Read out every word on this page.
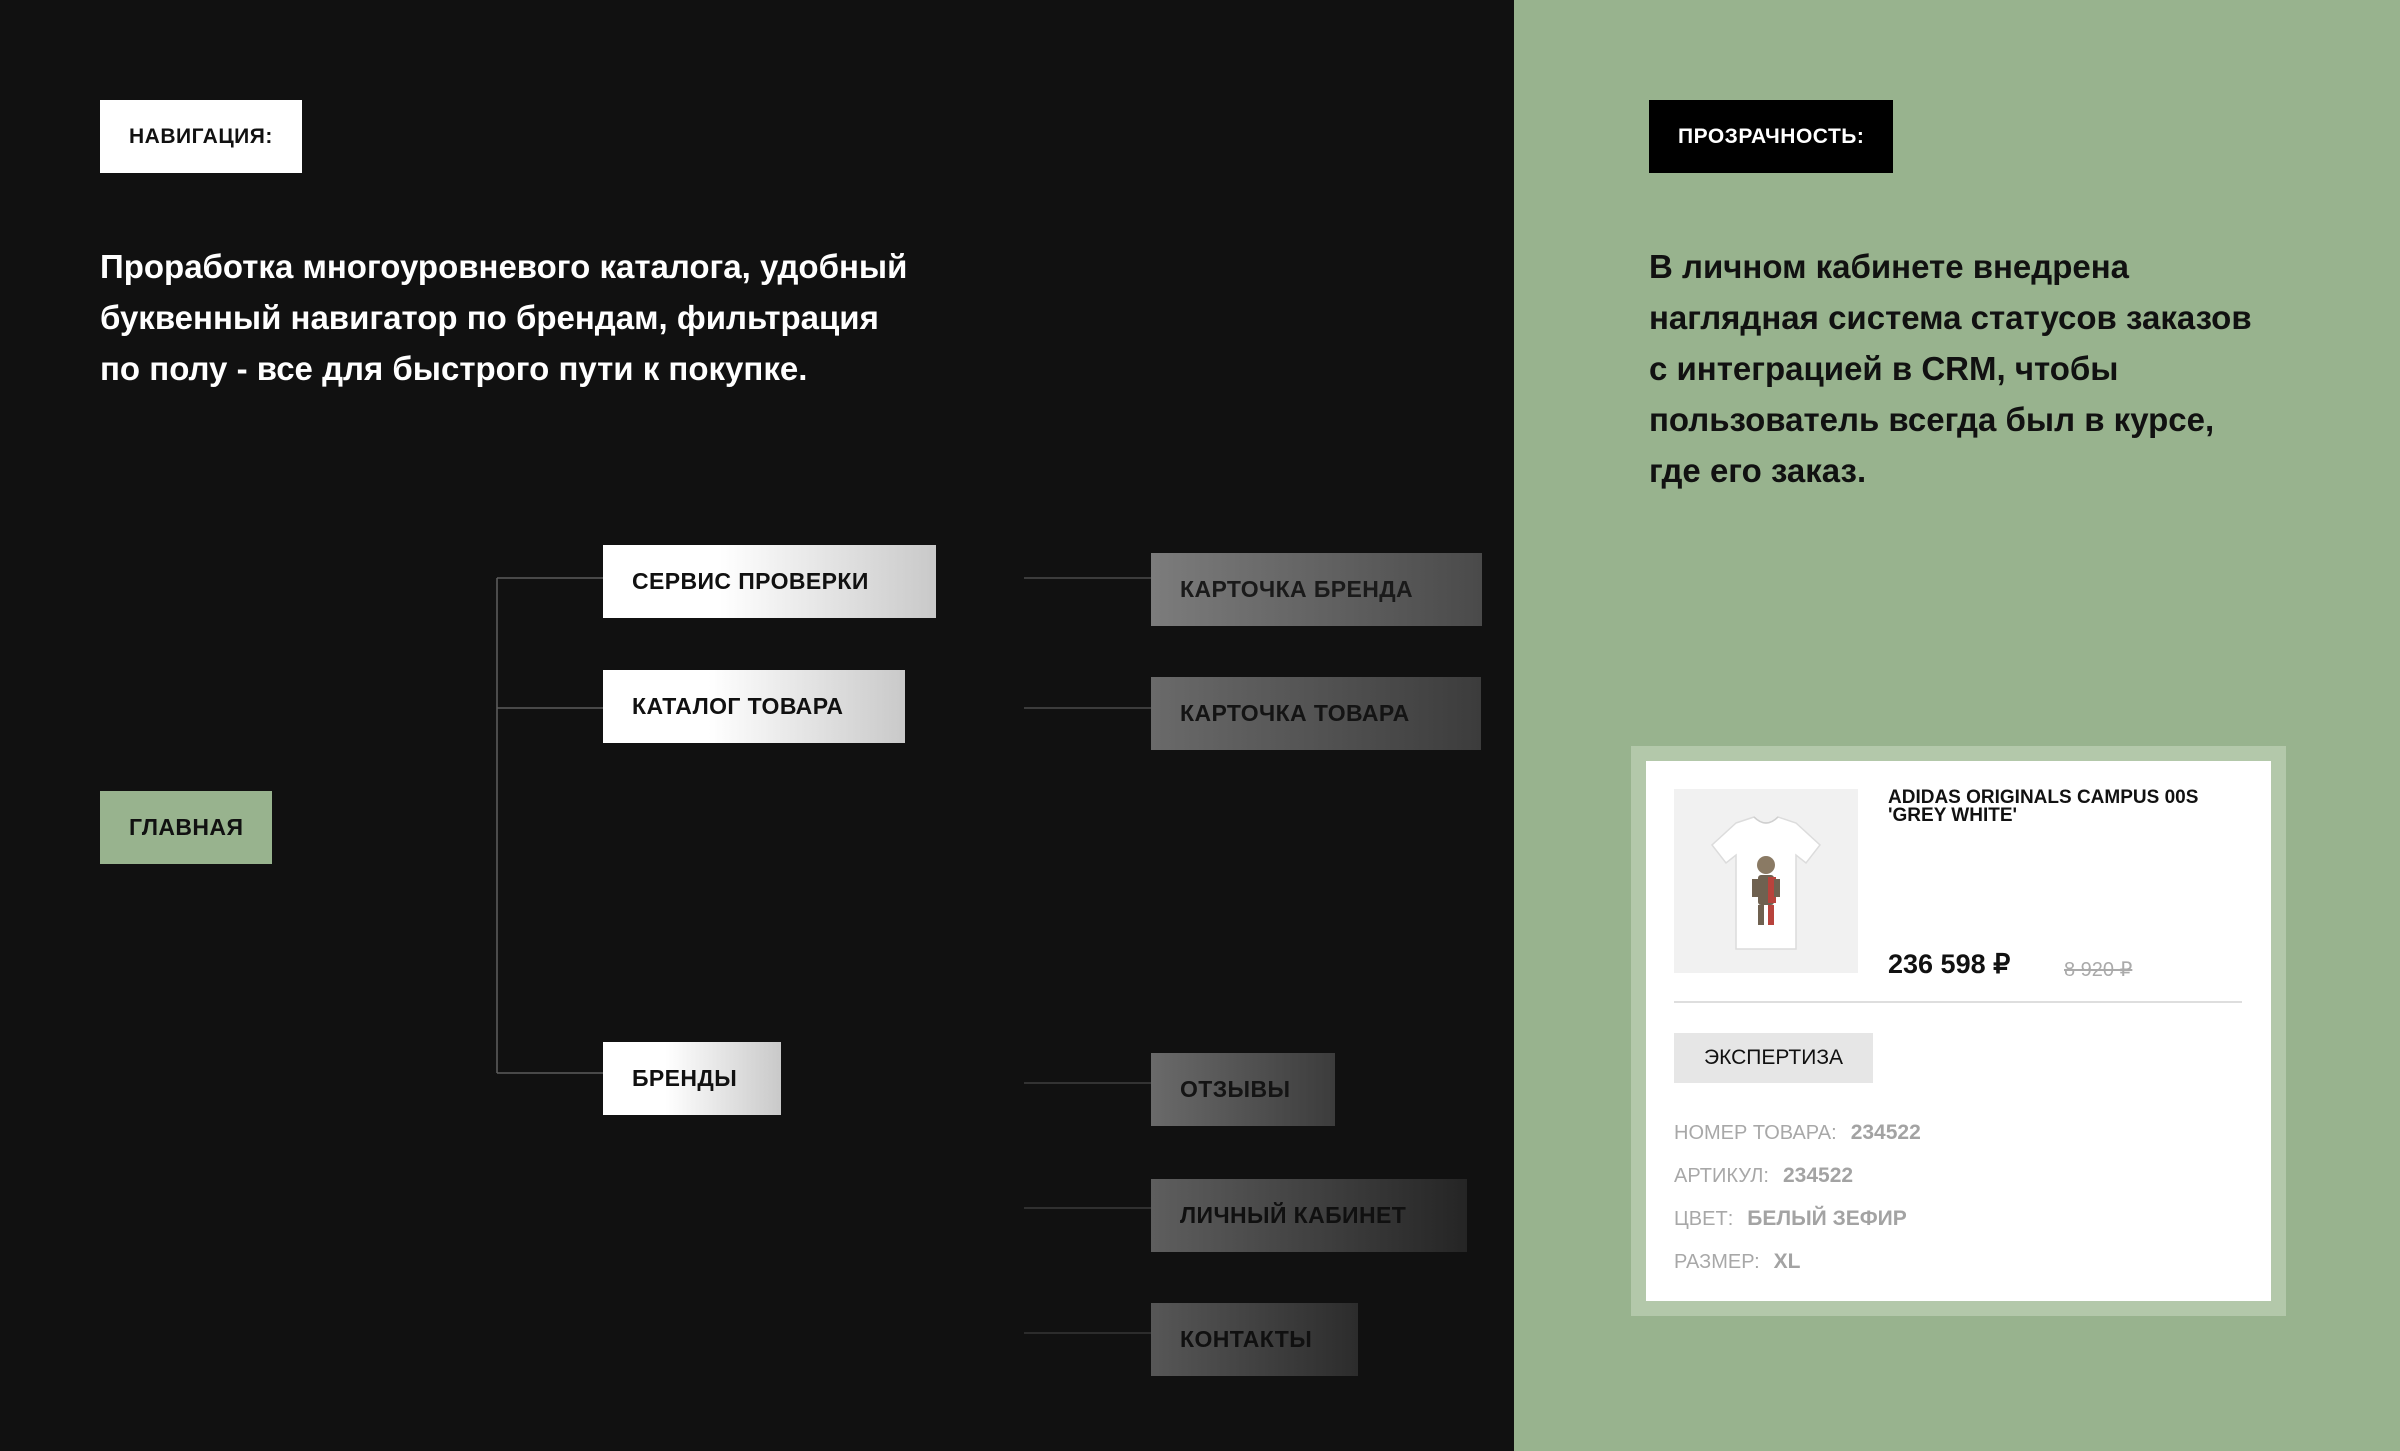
НАВИГАЦИЯ:
Проработка многоуровневого каталога, удобный
буквенный навигатор по брендам, фильтрация
по полу - все для быстрого пути к покупке.
ГЛАВНАЯ
СЕРВИС ПРОВЕРКИ
КАТАЛОГ ТОВАРА
БРЕНДЫ
КАРТОЧКА БРЕНДА
КАРТОЧКА ТОВАРА
ОТЗЫВЫ
ЛИЧНЫЙ КАБИНЕТ
КОНТАКТЫ
ПРОЗРАЧНОСТЬ:
В личном кабинете внедрена
наглядная система статусов заказов
с интеграцией в CRM, чтобы
пользователь всегда был в курсе,
где его заказ.
ADIDAS ORIGINALS CAMPUS 00S 'GREY WHITE'
236 598 ₽	8 920 ₽
ЭКСПЕРТИЗА
НОМЕР ТОВАРА: 234522
АРТИКУЛ: 234522
ЦВЕТ: БЕЛЫЙ ЗЕФИР
РАЗМЕР: XL
